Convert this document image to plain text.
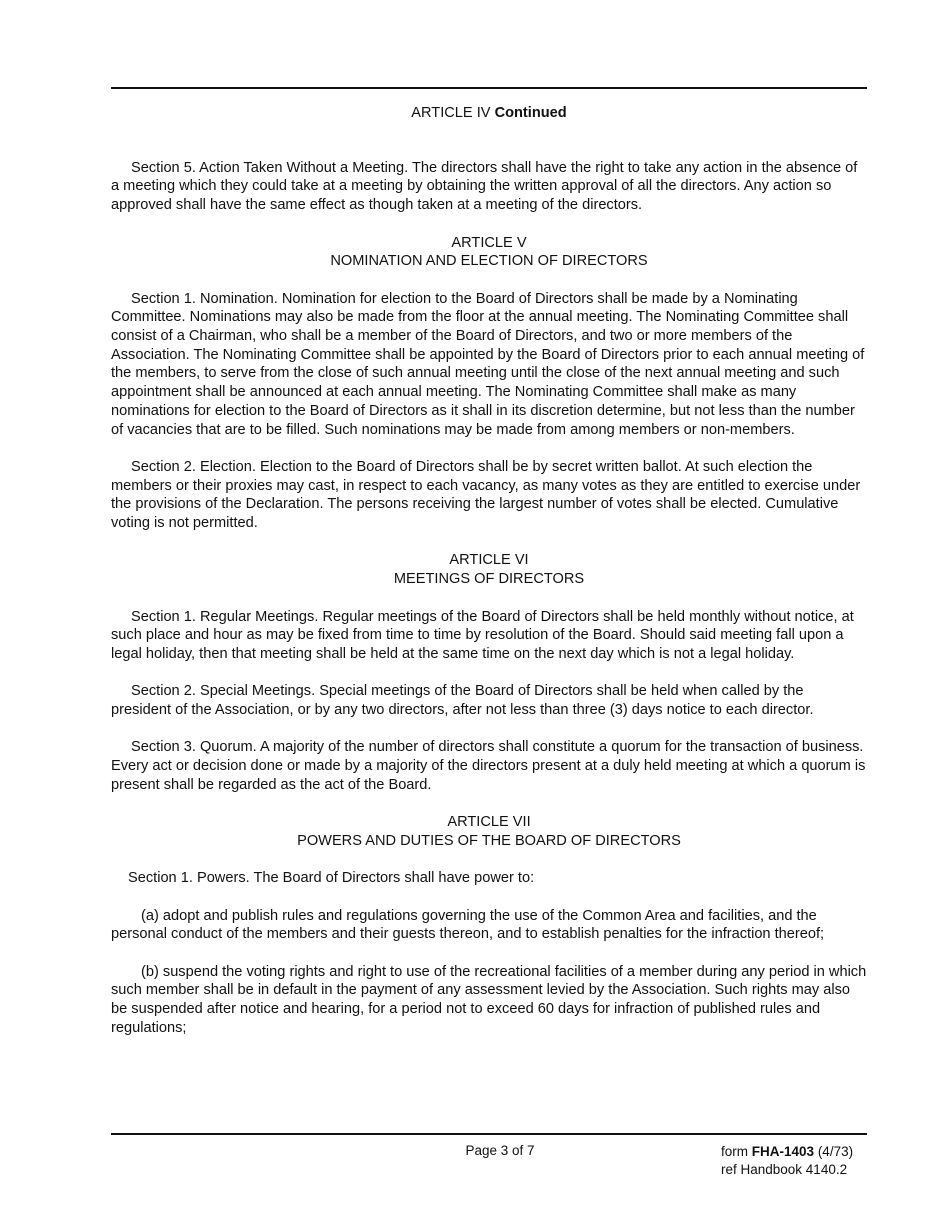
ARTICLE IV Continued

Section 5. Action Taken Without a Meeting. The directors shall have the right to take any action in the absence of a meeting which they could take at a meeting by obtaining the written approval of all the directors. Any action so approved shall have the same effect as though taken at a meeting of the directors.

ARTICLE V

NOMINATION AND ELECTION OF DIRECTORS

Section 1. Nomination. Nomination for election to the Board of Directors shall be made by a Nominating Committee. Nominations may also be made from the floor at the annual meeting. The Nominating Committee shall consist of a Chairman, who shall be a member of the Board of Directors, and two or more members of the Association. The Nominating Committee shall be appointed by the Board of Directors prior to each annual meeting of the members, to serve from the close of such annual meeting until the close of the next annual meeting and such appointment shall be announced at each annual meeting. The Nominating Committee shall make as many nominations for election to the Board of Directors as it shall in its discretion determine, but not less than the number of vacancies that are to be filled. Such nominations may be made from among members or non-members.

Section 2. Election. Election to the Board of Directors shall be by secret written ballot. At such election the members or their proxies may cast, in respect to each vacancy, as many votes as they are entitled to exercise under the provisions of the Declaration. The persons receiving the largest number of votes shall be elected. Cumulative voting is not permitted.

ARTICLE VI

MEETINGS OF DIRECTORS

Section 1. Regular Meetings. Regular meetings of the Board of Directors shall be held monthly without notice, at such place and hour as may be fixed from time to time by resolution of the Board. Should said meeting fall upon a legal holiday, then that meeting shall be held at the same time on the next day which is not a legal holiday.

Section 2. Special Meetings. Special meetings of the Board of Directors shall be held when called by the president of the Association, or by any two directors, after not less than three (3) days notice to each director.

Section 3. Quorum. A majority of the number of directors shall constitute a quorum for the transaction of business. Every act or decision done or made by a majority of the directors present at a duly held meeting at which a quorum is present shall be regarded as the act of the Board.

ARTICLE VII

POWERS AND DUTIES OF THE BOARD OF DIRECTORS

Section 1. Powers. The Board of Directors shall have power to:

(a) adopt and publish rules and regulations governing the use of the Common Area and facilities, and the personal conduct of the members and their guests thereon, and to establish penalties for the infraction thereof;

(b) suspend the voting rights and right to use of the recreational facilities of a member during any period in which such member shall be in default in the payment of any assessment levied by the Association. Such rights may also be suspended after notice and hearing, for a period not to exceed 60 days for infraction of published rules and regulations;

Page 3 of 7	form FHA-1403 (4/73)
ref Handbook 4140.2
